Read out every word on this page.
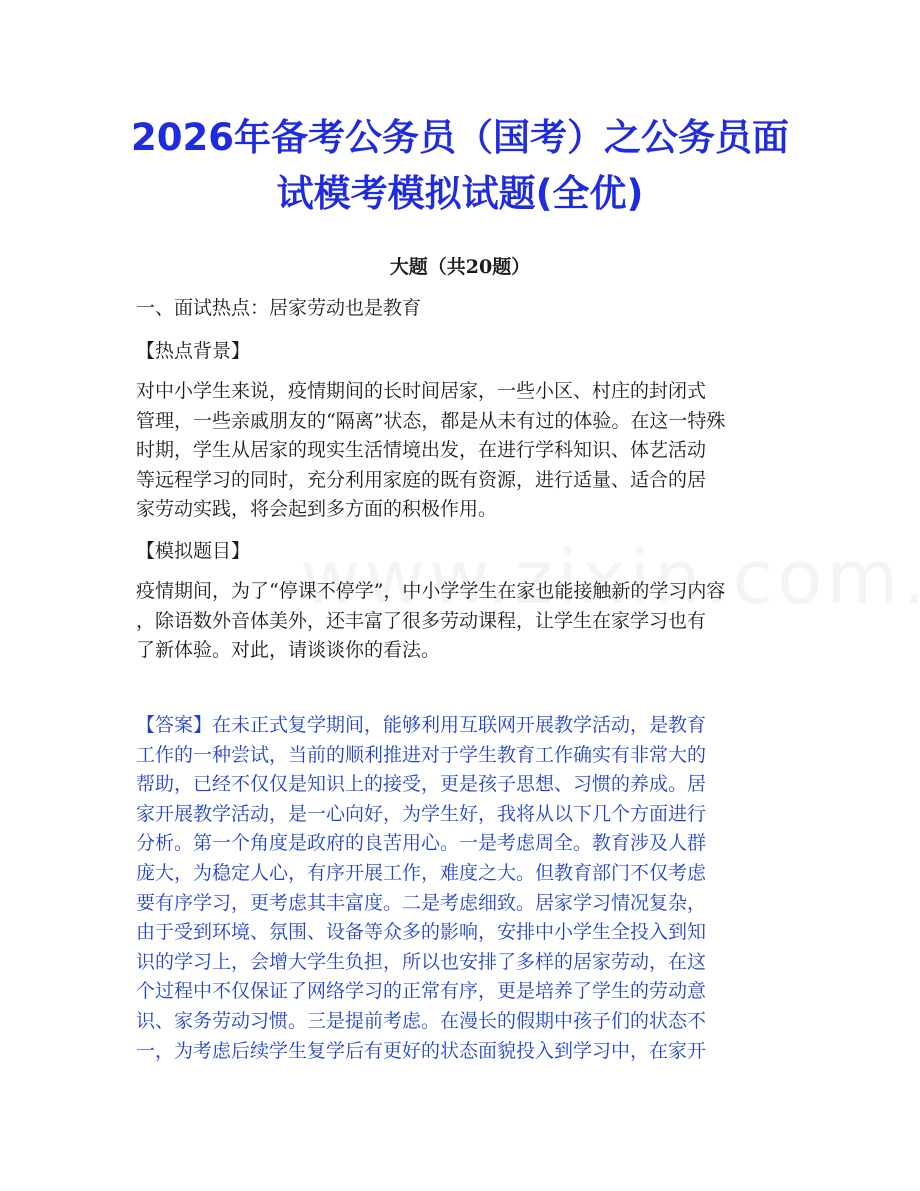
2026年备考公务员（国考）之公务员面
试模考模拟试题(全优)
大题（共20题）
一、面试热点：居家劳动也是教育
【热点背景】
对中小学生来说，疫情期间的长时间居家，一些小区、村庄的封闭式
管理，一些亲戚朋友的“隔离”状态，都是从未有过的体验。在这一特殊
时期，学生从居家的现实生活情境出发，在进行学科知识、体艺活动
等远程学习的同时，充分利用家庭的既有资源，进行适量、适合的居
家劳动实践，将会起到多方面的积极作用。
【模拟题目】
疫情期间，为了“停课不停学”，中小学学生在家也能接触新的学习内容
，除语数外音体美外，还丰富了很多劳动课程，让学生在家学习也有
了新体验。对此，请谈谈你的看法。
【答案】在未正式复学期间，能够利用互联网开展教学活动，是教育
工作的一种尝试，当前的顺利推进对于学生教育工作确实有非常大的
帮助，已经不仅仅是知识上的接受，更是孩子思想、习惯的养成。居
家开展教学活动，是一心向好，为学生好，我将从以下几个方面进行
分析。第一个角度是政府的良苦用心。一是考虑周全。教育涉及人群
庞大，为稳定人心，有序开展工作，难度之大。但教育部门不仅考虑
要有序学习，更考虑其丰富度。二是考虑细致。居家学习情况复杂，
由于受到环境、氛围、设备等众多的影响，安排中小学生全投入到知
识的学习上，会增大学生负担，所以也安排了多样的居家劳动，在这
个过程中不仅保证了网络学习的正常有序，更是培养了学生的劳动意
识、家务劳动习惯。三是提前考虑。在漫长的假期中孩子们的状态不
一，为考虑后续学生复学后有更好的状态面貌投入到学习中，在家开
